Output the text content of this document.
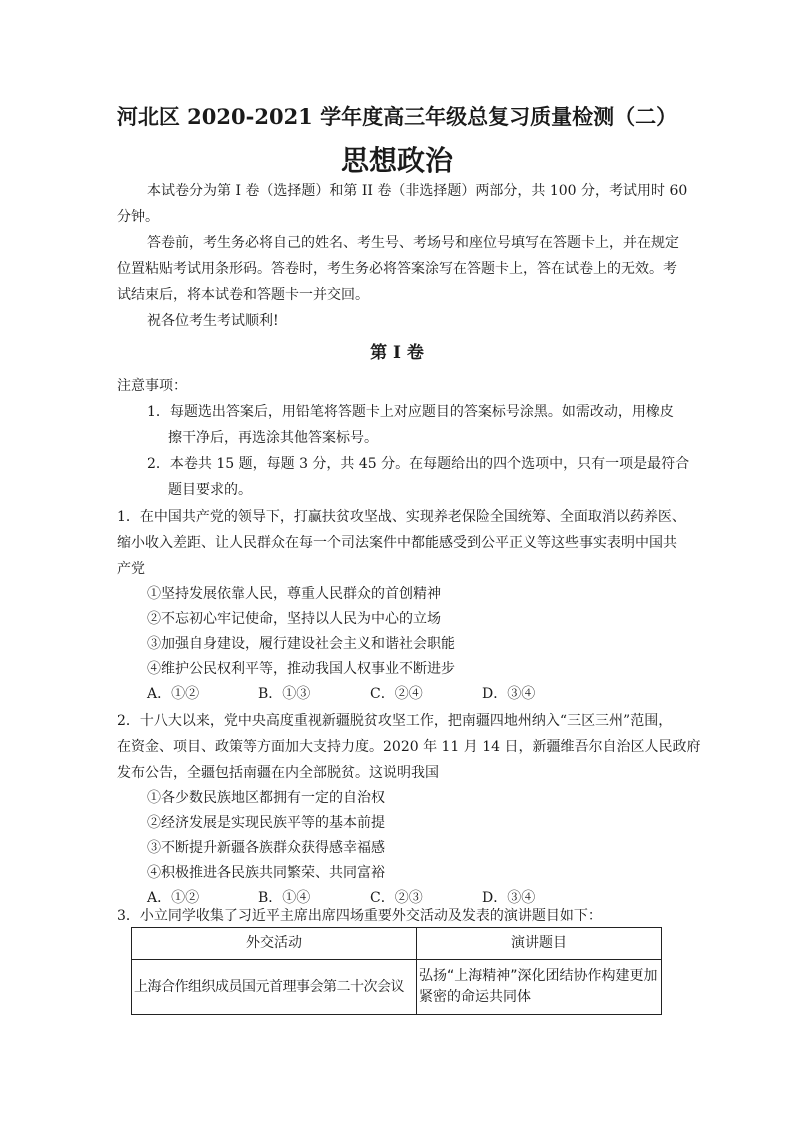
河北区 2020-2021 学年度高三年级总复习质量检测（二）
思想政治
本试卷分为第 I 卷（选择题）和第 II 卷（非选择题）两部分，共 100 分，考试用时 60
分钟。
答卷前，考生务必将自己的姓名、考生号、考场号和座位号填写在答题卡上，并在规定
位置粘贴考试用条形码。答卷时，考生务必将答案涂写在答题卡上，答在试卷上的无效。考
试结束后，将本试卷和答题卡一并交回。
祝各位考生考试顺利!
第 I 卷
注意事项：
1．每题选出答案后，用铅笔将答题卡上对应题目的答案标号涂黑。如需改动，用橡皮
擦干净后，再选涂其他答案标号。
2．本卷共 15 题，每题 3 分，共 45 分。在每题给出的四个选项中，只有一项是最符合
题目要求的。
1．在中国共产党的领导下，打赢扶贫攻坚战、实现养老保险全国统筹、全面取消以药养医、
缩小收入差距、让人民群众在每一个司法案件中都能感受到公平正义等这些事实表明中国共
产党
①坚持发展依靠人民，尊重人民群众的首创精神
②不忘初心牢记使命，坚持以人民为中心的立场
③加强自身建设，履行建设社会主义和谐社会职能
④维护公民权利平等，推动我国人权事业不断进步
A．①②	B．①③	C．②④	D．③④
2．十八大以来，党中央高度重视新疆脱贫攻坚工作，把南疆四地州纳入“三区三州”范围，
在资金、项目、政策等方面加大支持力度。2020 年 11 月 14 日，新疆维吾尔自治区人民政府
发布公告，全疆包括南疆在内全部脱贫。这说明我国
①各少数民族地区都拥有一定的自治权
②经济发展是实现民族平等的基本前提
③不断提升新疆各族群众获得感幸福感
④积极推进各民族共同繁荣、共同富裕
A．①②	B．①④	C．②③	D．③④
3．小立同学收集了习近平主席出席四场重要外交活动及发表的演讲题目如下：
外交活动	演讲题目
上海合作组织成员国元首理事会第二十次会议	弘扬“上海精神”深化团结协作构建更加紧密的命运共同体
